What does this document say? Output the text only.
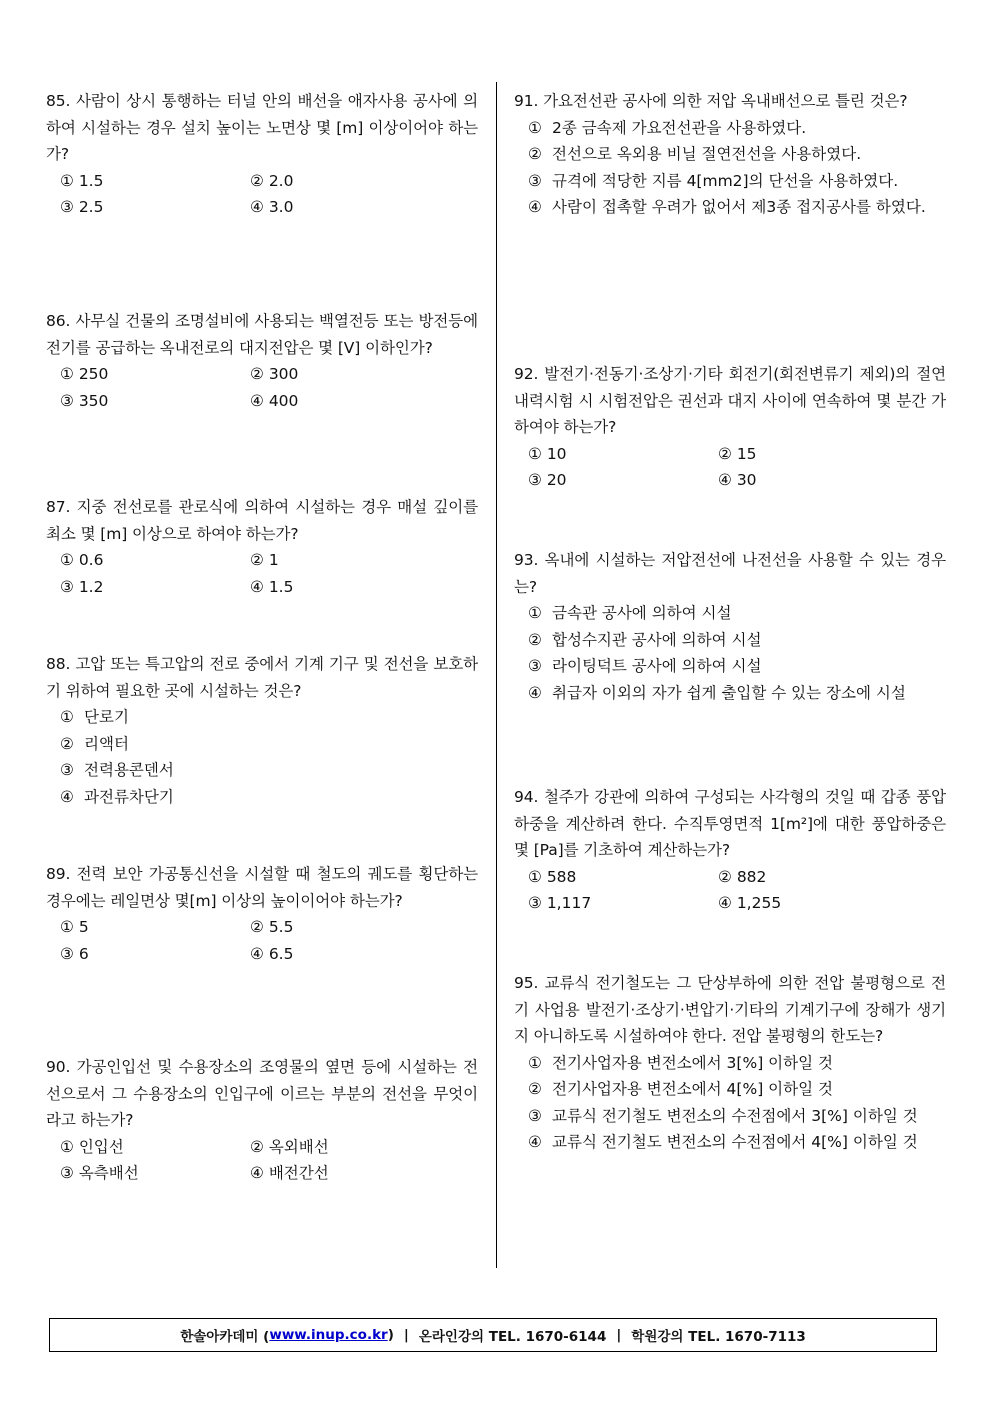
85. 사람이 상시 통행하는 터널 안의 배선을 애자사용 공사에 의하여 시설하는 경우 설치 높이는 노면상 몇 [m] 이상이어야 하는가?
① 1.5	② 2.0
③ 2.5	④ 3.0
86. 사무실 건물의 조명설비에 사용되는 백열전등 또는 방전등에 전기를 공급하는 옥내전로의 대지전압은 몇 [V] 이하인가?
① 250	② 300
③ 350	④ 400
87. 지중 전선로를 관로식에 의하여 시설하는 경우 매설 깊이를 최소 몇 [m] 이상으로 하여야 하는가?
① 0.6	② 1
③ 1.2	④ 1.5
88. 고압 또는 특고압의 전로 중에서 기계 기구 및 전선을 보호하기 위하여 필요한 곳에 시설하는 것은?
① 단로기
② 리액터
③ 전력용콘덴서
④ 과전류차단기
89. 전력 보안 가공통신선을 시설할 때 철도의 궤도를 횡단하는 경우에는 레일면상 몇[m] 이상의 높이이어야 하는가?
① 5	② 5.5
③ 6	④ 6.5
90. 가공인입선 및 수용장소의 조영물의 옆면 등에 시설하는 전선으로서 그 수용장소의 인입구에 이르는 부분의 전선을 무엇이라고 하는가?
① 인입선	② 옥외배선
③ 옥측배선	④ 배전간선
91. 가요전선관 공사에 의한 저압 옥내배선으로 틀린 것은?
① 2종 금속제 가요전선관을 사용하였다.
② 전선으로 옥외용 비닐 절연전선을 사용하였다.
③ 규격에 적당한 지름 4[mm2]의 단선을 사용하였다.
④ 사람이 접촉할 우려가 없어서 제3종 접지공사를 하였다.
92. 발전기·전동기·조상기·기타 회전기(회전변류기 제외)의 절연내력시험 시 시험전압은 권선과 대지 사이에 연속하여 몇 분간 가하여야 하는가?
① 10	② 15
③ 20	④ 30
93. 옥내에 시설하는 저압전선에 나전선을 사용할 수 있는 경우는?
① 금속관 공사에 의하여 시설
② 합성수지관 공사에 의하여 시설
③ 라이팅덕트 공사에 의하여 시설
④ 취급자 이외의 자가 쉽게 출입할 수 있는 장소에 시설
94. 철주가 강관에 의하여 구성되는 사각형의 것일 때 갑종 풍압하중을 계산하려 한다. 수직투영면적 1[m²]에 대한 풍압하중은 몇 [Pa]를 기초하여 계산하는가?
① 588	② 882
③ 1,117	④ 1,255
95. 교류식 전기철도는 그 단상부하에 의한 전압 불평형으로 전기 사업용 발전기·조상기·변압기·기타의 기계기구에 장해가 생기지 아니하도록 시설하여야 한다. 전압 불평형의 한도는?
① 전기사업자용 변전소에서 3[%] 이하일 것
② 전기사업자용 변전소에서 4[%] 이하일 것
③ 교류식 전기철도 변전소의 수전점에서 3[%] 이하일 것
④ 교류식 전기철도 변전소의 수전점에서 4[%] 이하일 것
한솔아카데미 ( www.inup.co.kr ) | 온라인강의 TEL. 1670-6144 | 학원강의 TEL. 1670-7113
